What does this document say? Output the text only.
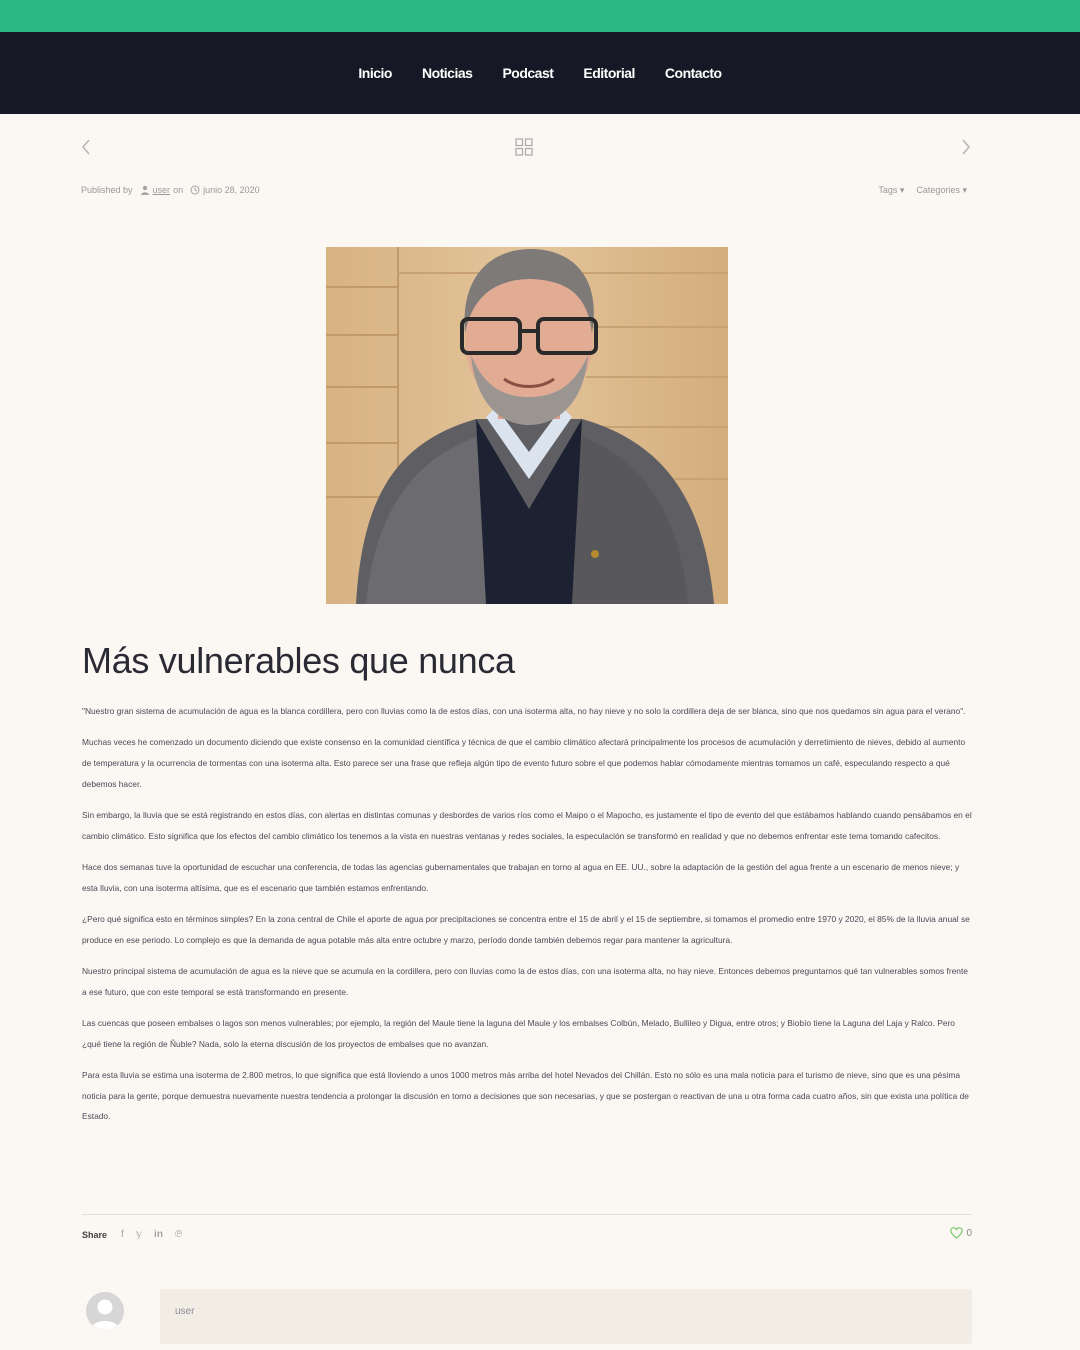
Inicio Noticias Podcast Editorial Contacto
Published by user on junio 28, 2020	Tags ▾ Categories ▾
Más vulnerables que nunca

"Nuestro gran sistema de acumulación de agua es la blanca cordillera, pero con lluvias como la de estos días, con una isoterma alta, no hay nieve y no solo la cordillera deja de ser blanca, sino que nos quedamos sin agua para el verano".

Muchas veces he comenzado un documento diciendo que existe consenso en la comunidad científica y técnica de que el cambio climático afectará principalmente los procesos de acumulación y derretimiento de nieves, debido al aumento de temperatura y la ocurrencia de tormentas con una isoterma alta. Esto parece ser una frase que refleja algún tipo de evento futuro sobre el que podemos hablar cómodamente mientras tomamos un café, especulando respecto a qué debemos hacer.

Sin embargo, la lluvia que se está registrando en estos días, con alertas en distintas comunas y desbordes de varios ríos como el Maipo o el Mapocho, es justamente el tipo de evento del que estábamos hablando cuando pensábamos en el cambio climático. Esto significa que los efectos del cambio climático los tenemos a la vista en nuestras ventanas y redes sociales, la especulación se transformó en realidad y que no debemos enfrentar este tema tomando cafecitos.

Hace dos semanas tuve la oportunidad de escuchar una conferencia, de todas las agencias gubernamentales que trabajan en torno al agua en EE. UU., sobre la adaptación de la gestión del agua frente a un escenario de menos nieve; y esta lluvia, con una isoterma altísima, que es el escenario que también estamos enfrentando.

¿Pero qué significa esto en términos simples? En la zona central de Chile el aporte de agua por precipitaciones se concentra entre el 15 de abril y el 15 de septiembre, si tomamos el promedio entre 1970 y 2020, el 85% de la lluvia anual se produce en ese periodo. Lo complejo es que la demanda de agua potable más alta entre octubre y marzo, período donde también debemos regar para mantener la agricultura.

Nuestro principal sistema de acumulación de agua es la nieve que se acumula en la cordillera, pero con lluvias como la de estos días, con una isoterma alta, no hay nieve. Entonces debemos preguntarnos qué tan vulnerables somos frente a ese futuro, que con este temporal se está transformando en presente.

Las cuencas que poseen embalses o lagos son menos vulnerables; por ejemplo, la región del Maule tiene la laguna del Maule y los embalses Colbún, Melado, Bullileo y Digua, entre otros; y Biobío tiene la Laguna del Laja y Ralco. Pero ¿qué tiene la región de Ñuble? Nada, solo la eterna discusión de los proyectos de embalses que no avanzan.

Para esta lluvia se estima una isoterma de 2.800 metros, lo que significa que está lloviendo a unos 1000 metros más arriba del hotel Nevados del Chillán. Esto no sólo es una mala noticia para el turismo de nieve, sino que es una pésima noticia para la gente, porque demuestra nuevamente nuestra tendencia a prolongar la discusión en torno a decisiones que son necesarias, y que se postergan o reactivan de una u otra forma cada cuatro años, sin que exista una política de Estado.

Share f 𝕪 in ℗	0
user
